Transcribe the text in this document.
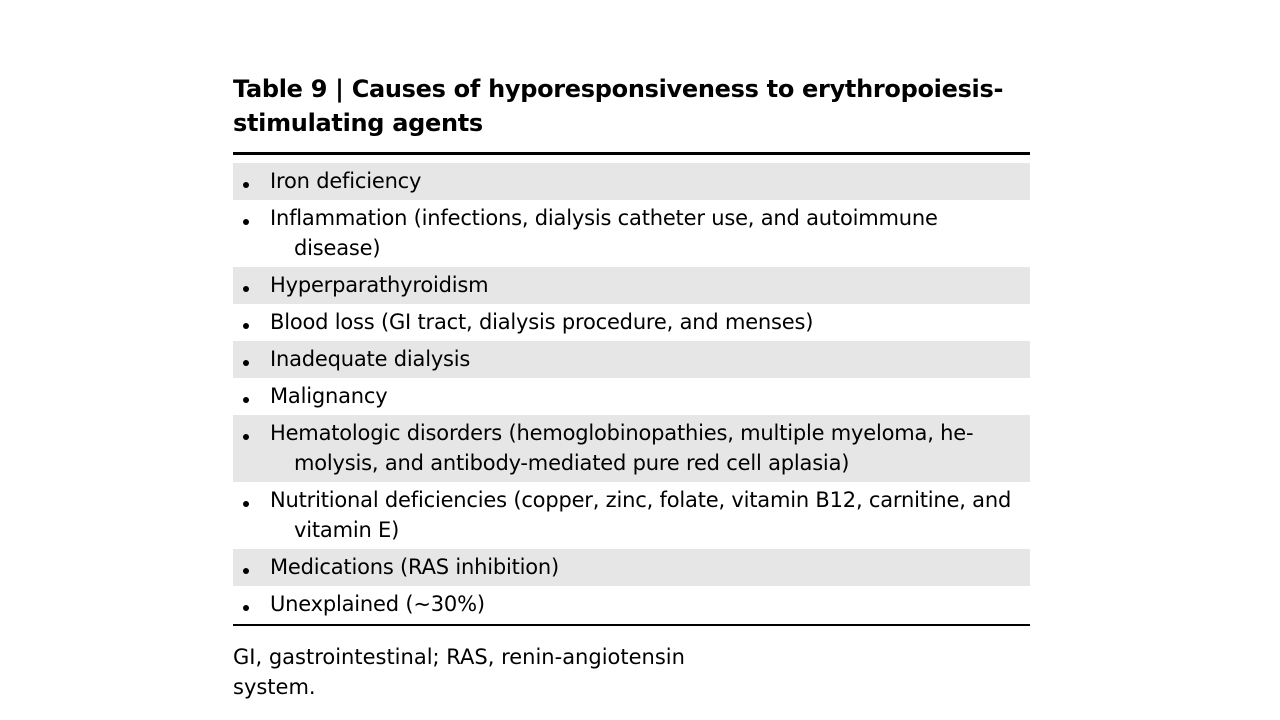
Table 9 | Causes of hyporesponsiveness to erythropoiesis-
stimulating agents
Iron deficiency
Inflammation (infections, dialysis catheter use, and autoimmune disease)
Hyperparathyroidism
Blood loss (GI tract, dialysis procedure, and menses)
Inadequate dialysis
Malignancy
Hematologic disorders (hemoglobinopathies, multiple myeloma, he-molysis, and antibody-mediated pure red cell aplasia)
Nutritional deficiencies (copper, zinc, folate, vitamin B12, carnitine, and vitamin E)
Medications (RAS inhibition)
Unexplained (∼30%)
GI, gastrointestinal; RAS, renin-angiotensin system.
